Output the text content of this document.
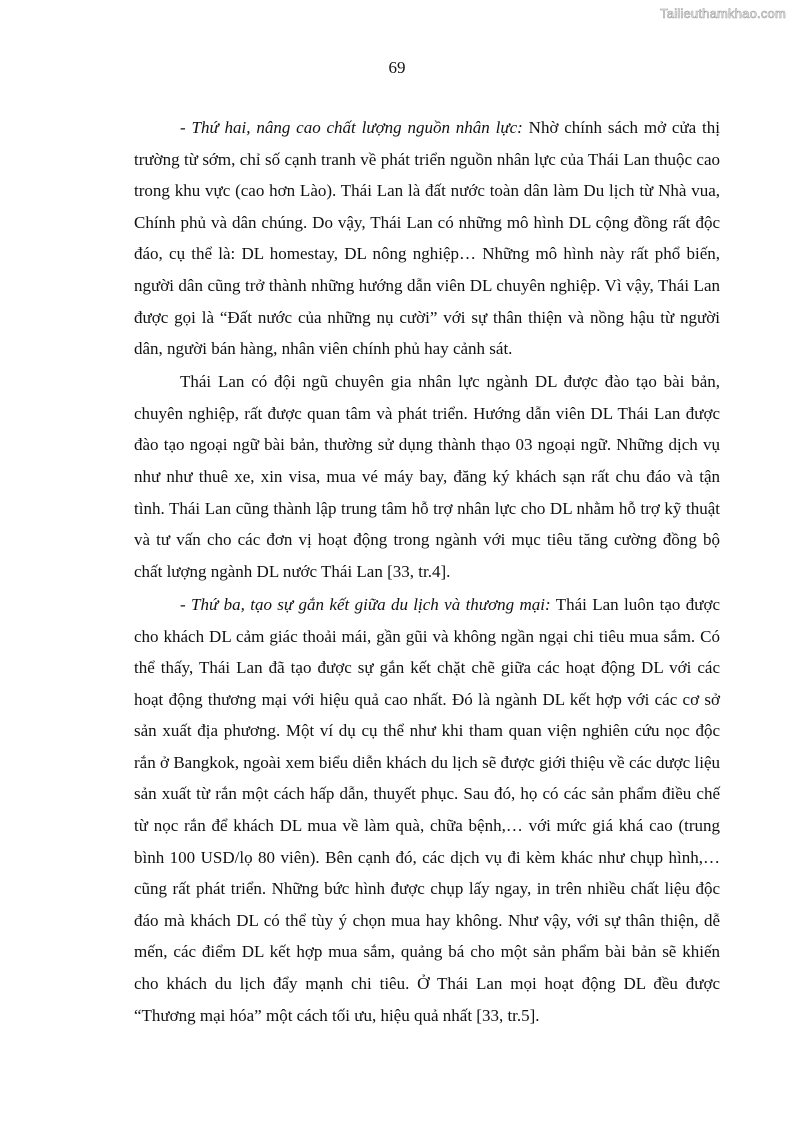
Tailieuthamkhao.com
69

- Thứ hai, nâng cao chất lượng nguồn nhân lực: Nhờ chính sách mở cửa thị trường từ sớm, chỉ số cạnh tranh về phát triển nguồn nhân lực của Thái Lan thuộc cao trong khu vực (cao hơn Lào). Thái Lan là đất nước toàn dân làm Du lịch từ Nhà vua, Chính phủ và dân chúng. Do vậy, Thái Lan có những mô hình DL cộng đồng rất độc đáo, cụ thể là: DL homestay, DL nông nghiệp… Những mô hình này rất phổ biến, người dân cũng trở thành những hướng dẫn viên DL chuyên nghiệp. Vì vậy, Thái Lan được gọi là “Đất nước của những nụ cười” với sự thân thiện và nồng hậu từ người dân, người bán hàng, nhân viên chính phủ hay cảnh sát.

Thái Lan có đội ngũ chuyên gia nhân lực ngành DL được đào tạo bài bản, chuyên nghiệp, rất được quan tâm và phát triển. Hướng dẫn viên DL Thái Lan được đào tạo ngoại ngữ bài bản, thường sử dụng thành thạo 03 ngoại ngữ. Những dịch vụ như như thuê xe, xin visa, mua vé máy bay, đăng ký khách sạn rất chu đáo và tận tình. Thái Lan cũng thành lập trung tâm hỗ trợ nhân lực cho DL nhằm hỗ trợ kỹ thuật và tư vấn cho các đơn vị hoạt động trong ngành với mục tiêu tăng cường đồng bộ chất lượng ngành DL nước Thái Lan [33, tr.4].

- Thứ ba, tạo sự gắn kết giữa du lịch và thương mại: Thái Lan luôn tạo được cho khách DL cảm giác thoải mái, gần gũi và không ngần ngại chi tiêu mua sắm. Có thể thấy, Thái Lan đã tạo được sự gắn kết chặt chẽ giữa các hoạt động DL với các hoạt động thương mại với hiệu quả cao nhất. Đó là ngành DL kết hợp với các cơ sở sản xuất địa phương. Một ví dụ cụ thể như khi tham quan viện nghiên cứu nọc độc rắn ở Bangkok, ngoài xem biểu diễn khách du lịch sẽ được giới thiệu về các dược liệu sản xuất từ rắn một cách hấp dẫn, thuyết phục. Sau đó, họ có các sản phẩm điều chế từ nọc rắn để khách DL mua về làm quà, chữa bệnh,… với mức giá khá cao (trung bình 100 USD/lọ 80 viên). Bên cạnh đó, các dịch vụ đi kèm khác như chụp hình,… cũng rất phát triển. Những bức hình được chụp lấy ngay, in trên nhiều chất liệu độc đáo mà khách DL có thể tùy ý chọn mua hay không. Như vậy, với sự thân thiện, dễ mến, các điểm DL kết hợp mua sắm, quảng bá cho một sản phẩm bài bản sẽ khiến cho khách du lịch đẩy mạnh chi tiêu. Ở Thái Lan mọi hoạt động DL đều được “Thương mại hóa” một cách tối ưu, hiệu quả nhất [33, tr.5].
